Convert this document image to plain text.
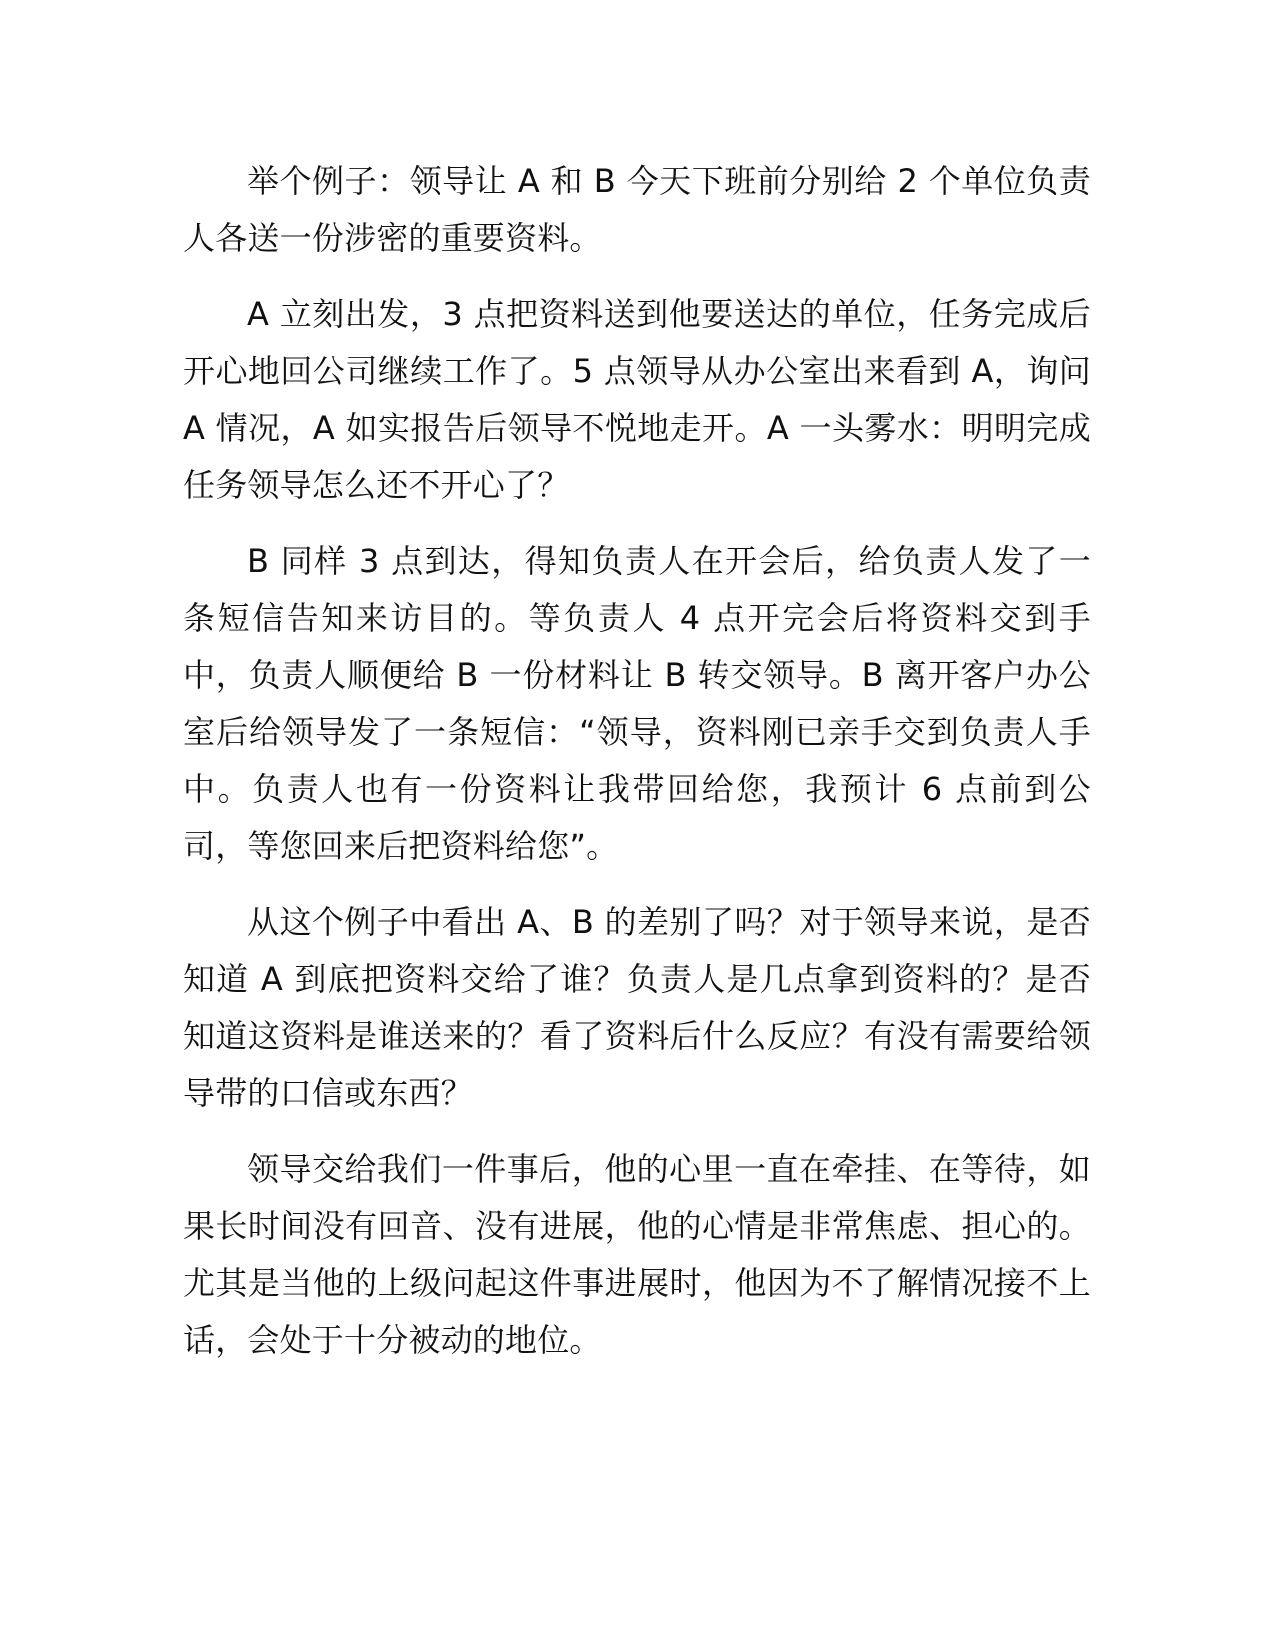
举个例子：领导让 A 和 B 今天下班前分别给 2 个单位负责人各送一份涉密的重要资料。

A 立刻出发，3 点把资料送到他要送达的单位，任务完成后开心地回公司继续工作了。5 点领导从办公室出来看到 A，询问 A 情况，A 如实报告后领导不悦地走开。A 一头雾水：明明完成任务领导怎么还不开心了？

B 同样 3 点到达，得知负责人在开会后，给负责人发了一条短信告知来访目的。等负责人 4 点开完会后将资料交到手中，负责人顺便给 B 一份材料让 B 转交领导。B 离开客户办公室后给领导发了一条短信：“领导，资料刚已亲手交到负责人手中。负责人也有一份资料让我带回给您，我预计 6 点前到公司，等您回来后把资料给您”。

从这个例子中看出 A、B 的差别了吗？对于领导来说，是否知道 A 到底把资料交给了谁？负责人是几点拿到资料的？是否知道这资料是谁送来的？看了资料后什么反应？有没有需要给领导带的口信或东西？

领导交给我们一件事后，他的心里一直在牵挂、在等待，如果长时间没有回音、没有进展，他的心情是非常焦虑、担心的。尤其是当他的上级问起这件事进展时，他因为不了解情况接不上话，会处于十分被动的地位。
